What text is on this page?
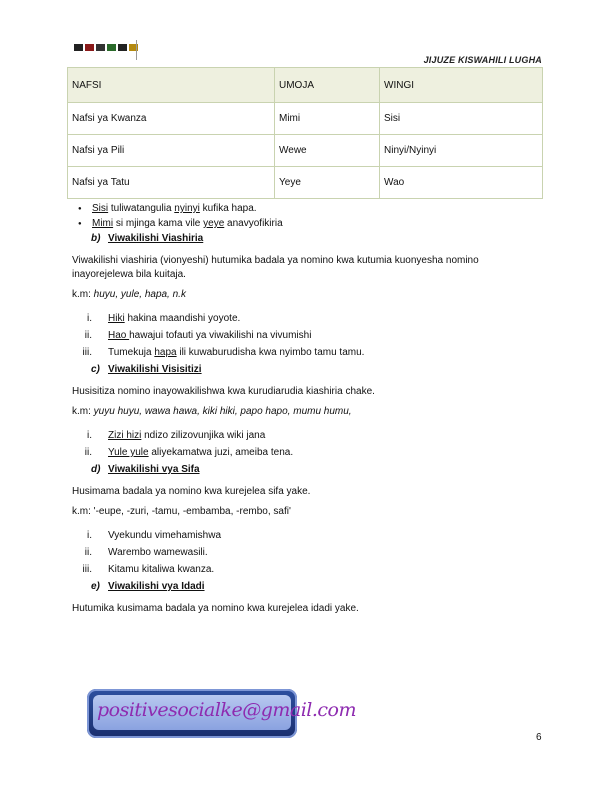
JIJUZE KISWAHILI LUGHA
NAFSI	UMOJA	WINGI
Nafsi ya Kwanza	Mimi	Sisi
Nafsi ya Pili	Wewe	Ninyi/Nyinyi
Nafsi ya Tatu	Yeye	Wao
● Sisi tuliwatangulia nyinyi kufika hapa.
● Mimi si mjinga kama vile yeye anavyofikiria
b) Viwakilishi Viashiria
Viwakilishi viashiria (vionyeshi) hutumika badala ya nomino kwa kutumia kuonyesha nomino inayorejelewa bila kuitaja.
k.m: huyu, yule, hapa, n.k
i. Hiki hakina maandishi yoyote.
ii. Hao hawajui tofauti ya viwakilishi na vivumishi
iii. Tumekuja hapa ili kuwaburudisha kwa nyimbo tamu tamu.
c) Viwakilishi Visisitizi
Husisitiza nomino inayowakilishwa kwa kurudiarudia kiashiria chake.
k.m: yuyu huyu, wawa hawa, kiki hiki, papo hapo, mumu humu,
i. Zizi hizi ndizo zilizovunjika wiki jana
ii. Yule yule aliyekamatwa juzi, ameiba tena.
d) Viwakilishi vya Sifa
Husimama badala ya nomino kwa kurejelea sifa yake.
k.m: '-eupe, -zuri, -tamu, -embamba, -rembo, safi'
i. Vyekundu vimehamishwa
ii. Warembo wamewasili.
iii. Kitamu kitaliwa kwanza.
e) Viwakilishi vya Idadi
Hutumika kusimama badala ya nomino kwa kurejelea idadi yake.
positivesocialke@gmail.com
6
